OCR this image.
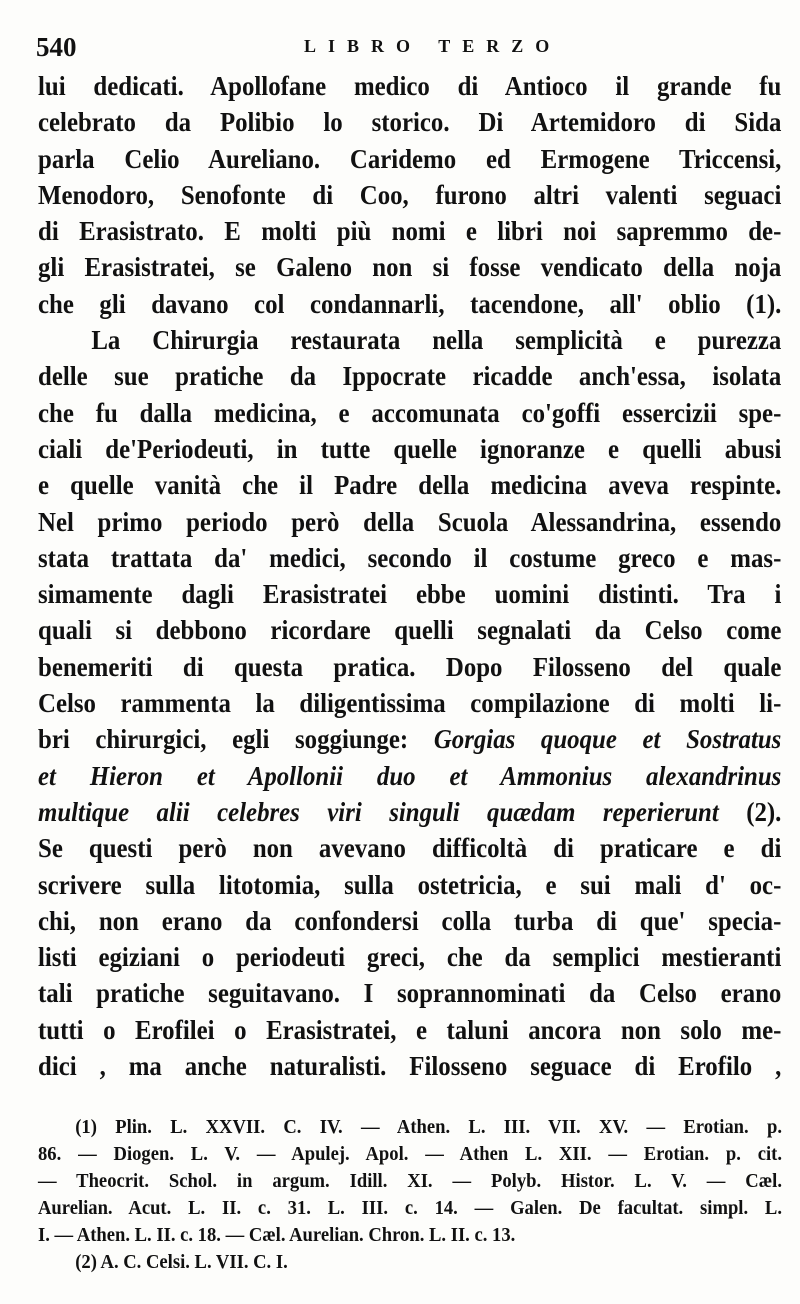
540	LIBRO TERZO
lui dedicati. Apollofane medico di Antioco il grande fu
celebrato da Polibio lo storico. Di Artemidoro di Sida
parla Celio Aureliano. Caridemo ed Ermogene Triccensi,
Menodoro, Senofonte di Coo, furono altri valenti seguaci
di Erasistrato. E molti più nomi e libri noi sapremmo de-
gli Erasistratei, se Galeno non si fosse vendicato della noja
che gli davano col condannarli, tacendone, all' oblio (1).
La Chirurgia restaurata nella semplicità e purezza
delle sue pratiche da Ippocrate ricadde anch'essa, isolata
che fu dalla medicina, e accomunata co'goffi essercizii spe-
ciali de'Periodeuti, in tutte quelle ignoranze e quelli abusi
e quelle vanità che il Padre della medicina aveva respinte.
Nel primo periodo però della Scuola Alessandrina, essendo
stata trattata da' medici, secondo il costume greco e mas-
simamente dagli Erasistratei ebbe uomini distinti. Tra i
quali si debbono ricordare quelli segnalati da Celso come
benemeriti di questa pratica. Dopo Filosseno del quale
Celso rammenta la diligentissima compilazione di molti li-
bri chirurgici, egli soggiunge: Gorgias quoque et Sostratus
et Hieron et Apollonii duo et Ammonius alexandrinus
multique alii celebres viri singuli quædam reperierunt (2).
Se questi però non avevano difficoltà di praticare e di
scrivere sulla litotomia, sulla ostetricia, e sui mali d' oc-
chi, non erano da confondersi colla turba di que' specia-
listi egiziani o periodeuti greci, che da semplici mestieranti
tali pratiche seguitavano. I soprannominati da Celso erano
tutti o Erofilei o Erasistratei, e taluni ancora non solo me-
dici , ma anche naturalisti. Filosseno seguace di Erofilo ,
(1) Plin. L. XXVII. C. IV. — Athen. L. III. VII. XV. — Erotian. p.
86. — Diogen. L. V. — Apulej. Apol. — Athen L. XII. — Erotian. p. cit.
— Theocrit. Schol. in argum. Idill. XI. — Polyb. Histor. L. V. — Cæl.
Aurelian. Acut. L. II. c. 31. L. III. c. 14. — Galen. De facultat. simpl. L.
I. — Athen. L. II. c. 18. — Cæl. Aurelian. Chron. L. II. c. 13.
(2) A. C. Celsi. L. VII. C. I.
